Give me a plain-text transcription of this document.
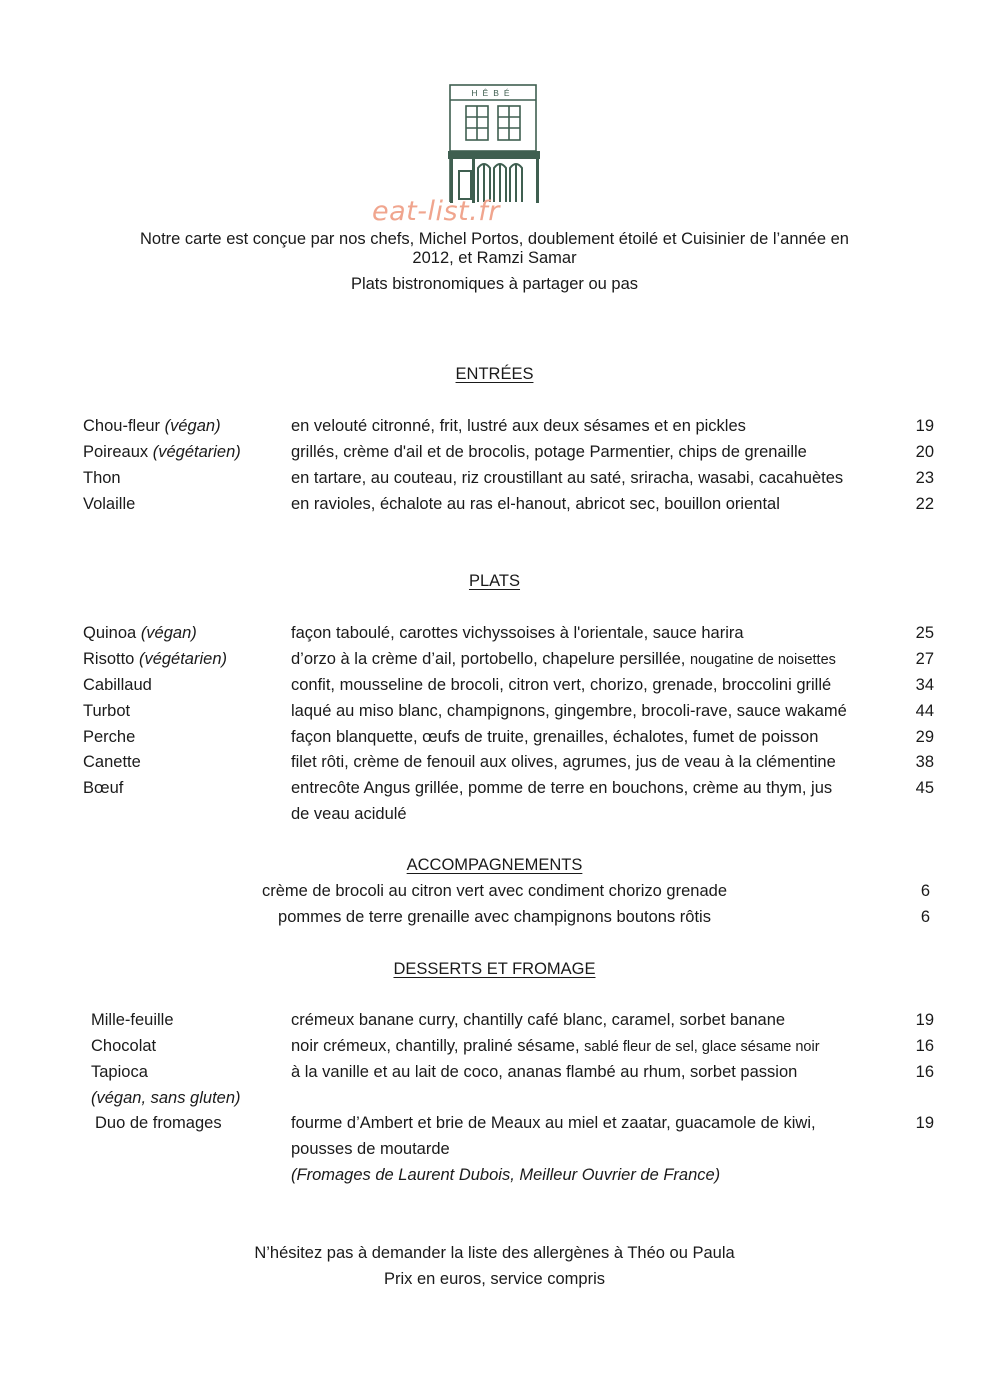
HÊBÉ
eat-list.fr

Notre carte est conçue par nos chefs, Michel Portos, doublement étoilé et Cuisinier de l’année en

2012, et Ramzi Samar

Plats bistronomiques à partager ou pas
ENTRÉES
Chou-fleur (végan)	en velouté citronné, frit, lustré aux deux sésames et en pickles	19
Poireaux (végétarien)	grillés, crème d'ail et de brocolis, potage Parmentier, chips de grenaille	20
Thon	en tartare, au couteau, riz croustillant au saté, sriracha, wasabi, cacahuètes	23
Volaille	en ravioles, échalote au ras el-hanout, abricot sec, bouillon oriental	22
PLATS
Quinoa (végan)	façon taboulé, carottes vichyssoises à l'orientale, sauce harira	25
Risotto (végétarien)	d’orzo à la crème d’ail, portobello, chapelure persillée, nougatine de noisettes	27
Cabillaud	confit, mousseline de brocoli, citron vert, chorizo, grenade, broccolini grillé	34
Turbot	laqué au miso blanc, champignons, gingembre, brocoli-rave, sauce wakamé	44
Perche	façon blanquette, œufs de truite, grenailles, échalotes, fumet de poisson	29
Canette	filet rôti, crème de fenouil aux olives, agrumes, jus de veau à la clémentine	38
Bœuf	entrecôte Angus grillée, pomme de terre en bouchons, crème au thym, jus	45
de veau acidulé
ACCOMPAGNEMENTS
crème de brocoli au citron vert avec condiment chorizo grenade	6
pommes de terre grenaille avec champignons boutons rôtis	6
DESSERTS ET FROMAGE
Mille-feuille	crémeux banane curry, chantilly café blanc, caramel, sorbet banane	19
Chocolat	noir crémeux, chantilly, praliné sésame, sablé fleur de sel, glace sésame noir	16
Tapioca	à la vanille et au lait de coco, ananas flambé au rhum, sorbet passion	16
(végan, sans gluten)
Duo de fromages	fourme d’Ambert et brie de Meaux au miel et zaatar, guacamole de kiwi,	19
pousses de moutarde
(Fromages de Laurent Dubois, Meilleur Ouvrier de France)
N’hésitez pas à demander la liste des allergènes à Théo ou Paula
Prix en euros, service compris
